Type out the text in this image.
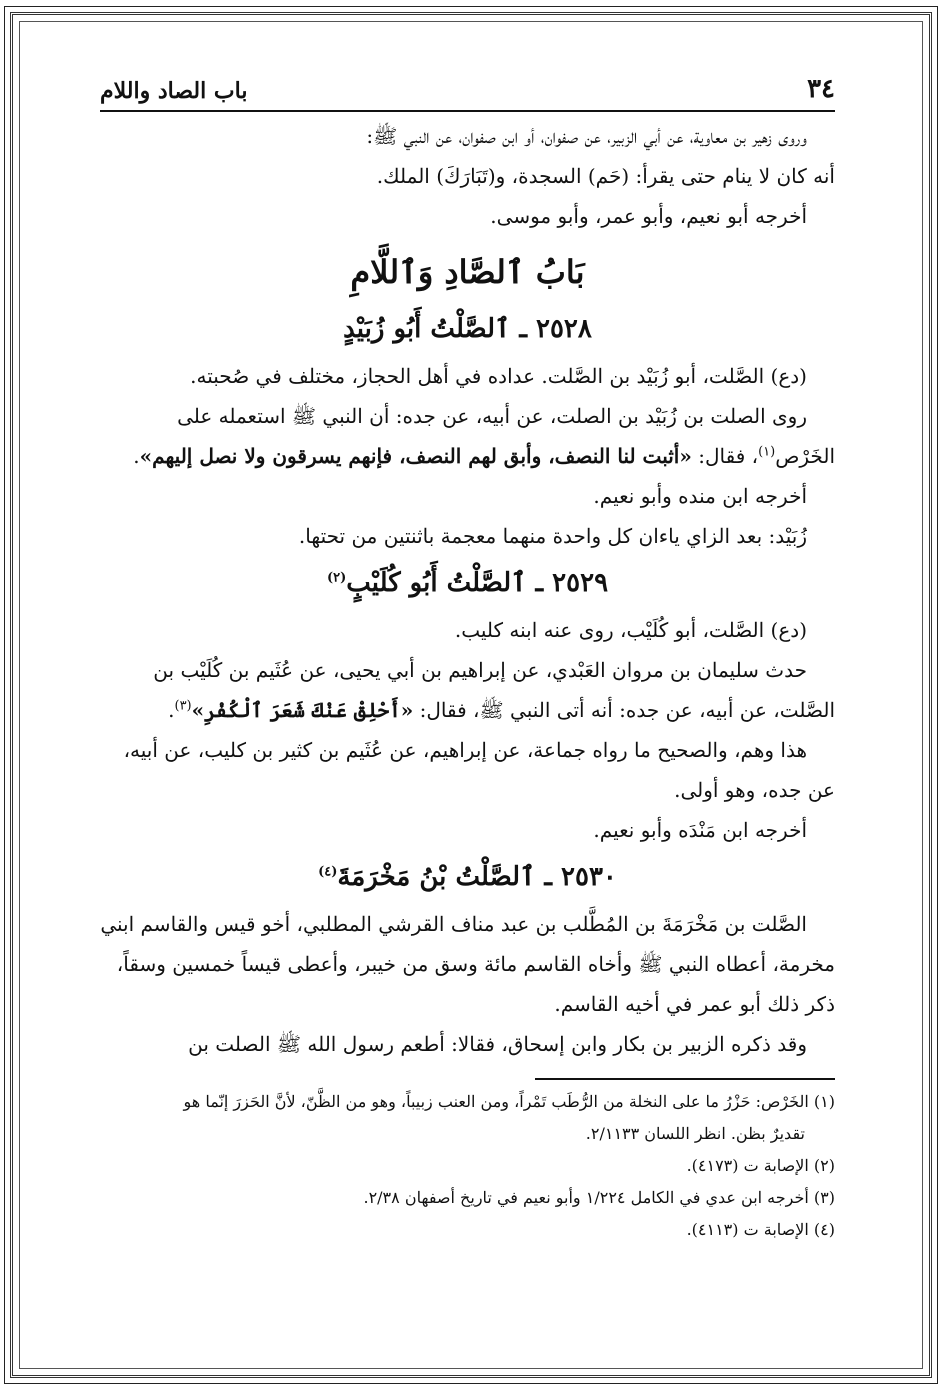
٣٤
باب الصاد واللام

وروى زهير بن معاوية، عن أبي الزبير، عن صفوان، أو ابن صفوان، عن النبي ﷺ:

أنه كان لا ينام حتى يقرأ: (حَم) السجدة، و(تَبَارَكَ) الملك.

أخرجه أبو نعيم، وأبو عمر، وأبو موسى.

بَابُ ٱلصَّادِ وَٱللَّامِ
٢٥٢٨ ـ ٱلصَّلْتُ أَبُو زُبَيْدٍ

(دع) الصَّلت، أبو زُبَيْد بن الصَّلت. عداده في أهل الحجاز، مختلف في صُحبته.

روى الصلت بن زُبَيْد بن الصلت، عن أبيه، عن جده: أن النبي ﷺ استعمله على الخَرْص$^{(١)}$، فقال: «أثبت لنا النصف، وأبق لهم النصف، فإنهم يسرقون ولا نصل إليهم».

أخرجه ابن منده وأبو نعيم.

زُبَيْد: بعد الزاي ياءان كل واحدة منهما معجمة باثنتين من تحتها.

٢٥٢٩ ـ ٱلصَّلْتُ أَبُو كُلَيْبٍ$^{(٢)}$

(دع) الصَّلت، أبو كُلَيْب، روى عنه ابنه كليب.

حدث سليمان بن مروان العَبْدي، عن إبراهيم بن أبي يحيى، عن عُثَيم بن كُلَيْب بن الصَّلت، عن أبيه، عن جده: أنه أتى النبي ﷺ، فقال: «أَحْلِقْ عَنْكَ شَعَرَ ٱلْكُفْرِ»$^{(٣)}$.

هذا وهم، والصحيح ما رواه جماعة، عن إبراهيم، عن عُثَيم بن كثير بن كليب، عن أبيه، عن جده، وهو أولى.

أخرجه ابن مَنْدَه وأبو نعيم.

٢٥٣٠ ـ ٱلصَّلْتُ بْنُ مَخْرَمَةَ$^{(٤)}$

الصَّلت بن مَخْرَمَةَ بن المُطَّلب بن عبد مناف القرشي المطلبي، أخو قيس والقاسم ابني مخرمة، أعطاه النبي ﷺ وأخاه القاسم مائة وسق من خيبر، وأعطى قيساً خمسين وسقاً، ذكر ذلك أبو عمر في أخيه القاسم.

وقد ذكره الزبير بن بكار وابن إسحاق، فقالا: أطعم رسول الله ﷺ الصلت بن

(١) الخَرْص: حَزْرُ ما على النخلة من الرُّطَب تَمْراً، ومن العنب زبيباً، وهو من الظَّنّ، لأنَّ الحَزرَ إنّما هو
تقديرٌ بظن. انظر اللسان ٢/١١٣٣.
(٢) الإصابة ت (٤١٧٣).
(٣) أخرجه ابن عدي في الكامل ١/٢٢٤ وأبو نعيم في تاريخ أصفهان ٢/٣٨.
(٤) الإصابة ت (٤١١٣).
